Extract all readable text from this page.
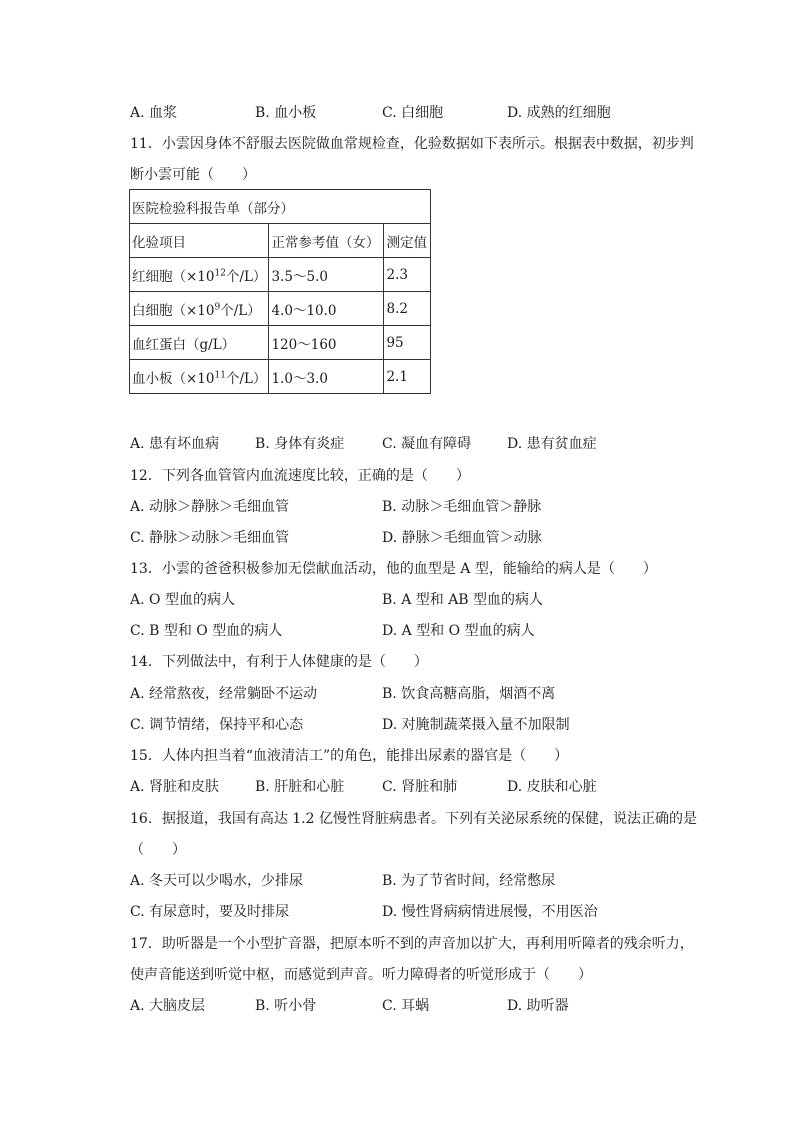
A. 血浆	B. 血小板	C. 白细胞	D. 成熟的红细胞
11．小雲因身体不舒服去医院做血常规检查，化验数据如下表所示。根据表中数据，初步判
断小雲可能（　　）
医院检验科报告单（部分）		
化验项目	正常参考值（女）	测定值
红细胞（$\times 10^{12}$个/L）	3.5～5.0	2.3
白细胞（$\times 10^9$个/L）	4.0～10.0	8.2
血红蛋白（g/L）	120～160	95
血小板（$\times 10^{11}$个/L）	1.0～3.0	2.1
A. 患有坏血病	B. 身体有炎症	C. 凝血有障碍	D. 患有贫血症
12．下列各血管管内血流速度比较，正确的是（　　）
A. 动脉＞静脉＞毛细血管	B. 动脉＞毛细血管＞静脉
C. 静脉＞动脉＞毛细血管	D. 静脉＞毛细血管＞动脉
13．小雲的爸爸积极参加无偿献血活动，他的血型是 A 型，能输给的病人是（　　）
A. O 型血的病人	B. A 型和 AB 型血的病人
C. B 型和 O 型血的病人	D. A 型和 O 型血的病人
14．下列做法中，有利于人体健康的是（　　）
A. 经常熬夜，经常躺卧不运动	B. 饮食高糖高脂，烟酒不离
C. 调节情绪，保持平和心态	D. 对腌制蔬菜摄入量不加限制
15．人体内担当着“血液清洁工”的角色，能排出尿素的器官是（　　）
A. 肾脏和皮肤	B. 肝脏和心脏	C. 肾脏和肺	D. 皮肤和心脏
16．据报道，我国有高达 1.2 亿慢性肾脏病患者。下列有关泌尿系统的保健，说法正确的是
（　　）
A. 冬天可以少喝水，少排尿	B. 为了节省时间，经常憋尿
C. 有尿意时，要及时排尿	D. 慢性肾病病情进展慢，不用医治
17．助听器是一个小型扩音器，把原本听不到的声音加以扩大，再利用听障者的残余听力，
使声音能送到听觉中枢，而感觉到声音。听力障碍者的听觉形成于（　　）
A. 大脑皮层	B. 听小骨	C. 耳蜗	D. 助听器
